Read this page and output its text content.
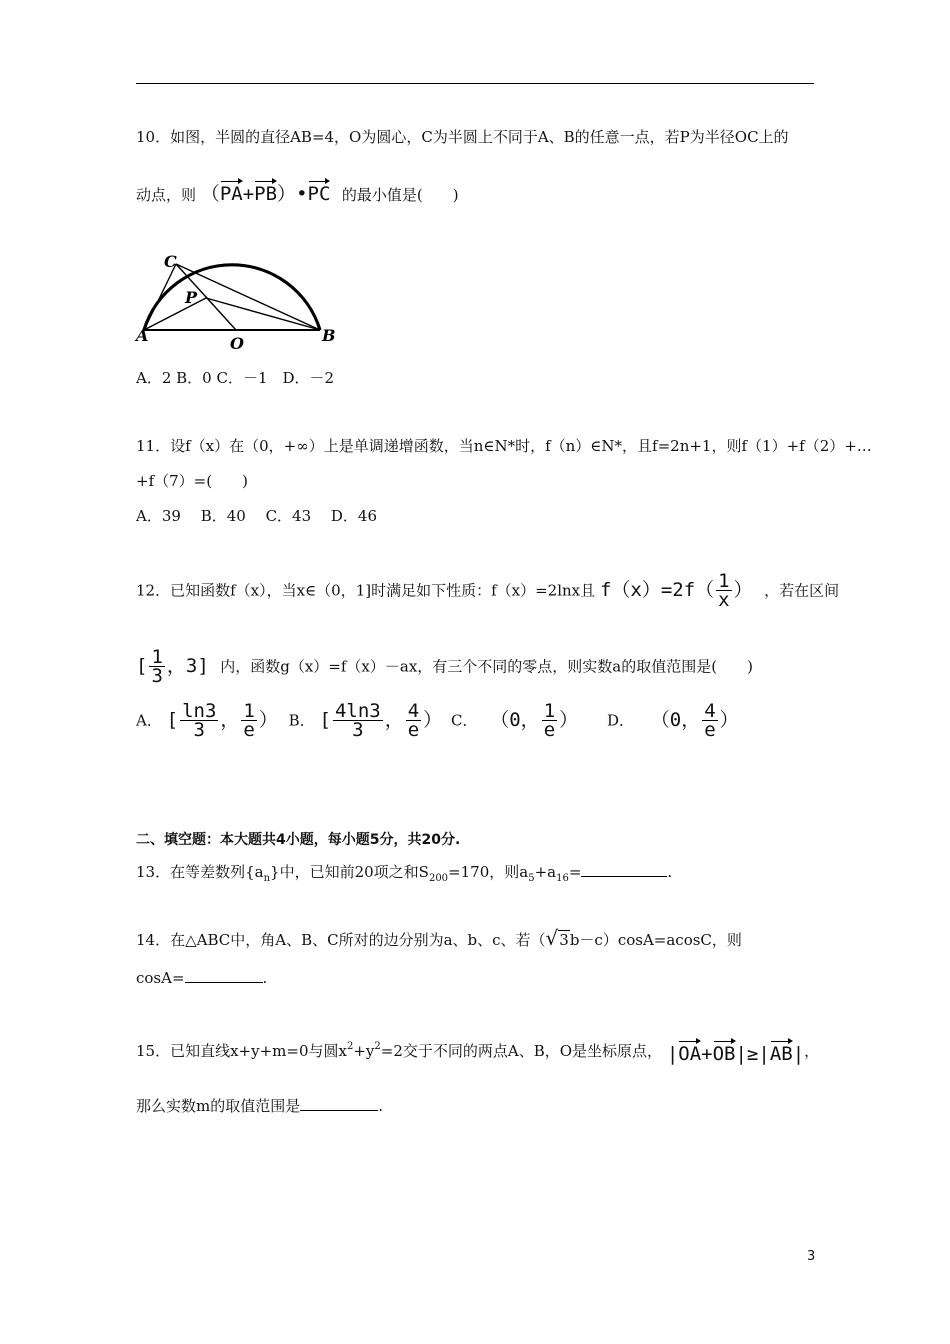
10．如图，半圆的直径AB=4，O为圆心，C为半圆上不同于A、B的任意一点，若P为半径OC上的
动点，则 （PA+PB）•PC 的最小值是(　　)
C
P
A	O	B
A．2 B．0 C．－1　D．－2
11．设f（x）在（0，+∞）上是单调递增函数，当n∈N*时，f（n）∈N*，且f=2n+1，则f（1）+f（2）+…
+f（7）=(　　)
A．39　 B．40　 C．43　 D．46
12．已知函数f（x），当x∈（0，1]时满足如下性质：f（x）=2lnx且 $f(x)=2f( \frac{1}{x}$ ） ，若在区间
[ $\frac{1}{3}$ ，3] 内，函数g（x）=f（x）－ax，有三个不同的零点，则实数a的取值范围是(　　)
A． [ $\frac{\ln 3}{3}$ ， $\frac{1}{e}$ ） B． [ $\frac{4\ln 3}{3}$ ， $\frac{4}{e}$ ） C． （0， $\frac{1}{e}$ ） D． （0， $\frac{4}{e}$ ）
二、填空题：本大题共4小题，每小题5分，共20分.
13．在等差数列$\{a_n\}$中，已知前20项之和$S_{200}=170$，则$a_5+a_{16}=$	.
14．在△ABC中，角A、B、C所对的边分别为a、b、c、若（√3b－c）cosA=acosC，则
cosA=	.
15．已知直线x+y+m=0与圆$x^2+y^2=2$交于不同的两点A、B，O是坐标原点， |OA+OB|≥|AB|，
那么实数m的取值范围是	.
3
